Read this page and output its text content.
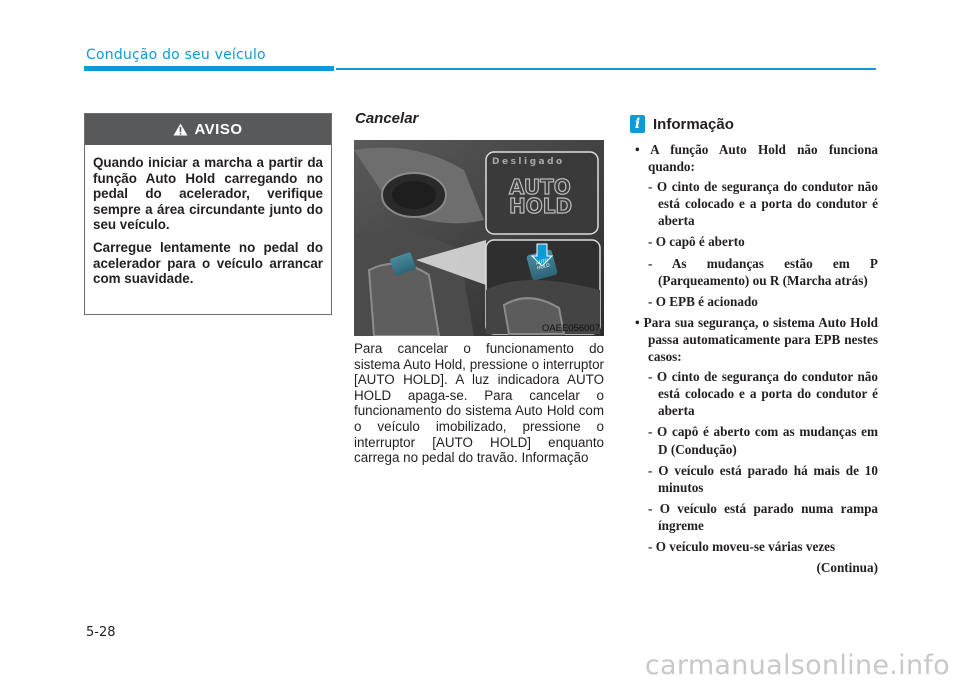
Condução do seu veículo
AVISO

Quando iniciar a marcha a partir da função Auto Hold carregando no pedal do acelerador, verifique sempre a área circundante junto do seu veículo.

Carregue lentamente no pedal do acelerador para o veículo arrancar com suavidade.

Cancelar
Desligado
AUTO
HOLD
AUTO HOLD
OAEE056007
Para cancelar o funcionamento do sistema Auto Hold, pressione o interruptor [AUTO HOLD]. A luz indicadora AUTO HOLD apaga-se. Para cancelar o funcionamento do sistema Auto Hold com o veículo imobilizado, pressione o interruptor [AUTO HOLD] enquanto carrega no pedal do travão. Informação
i Informação
• A função Auto Hold não funciona quando:
- O cinto de segurança do condutor não está colocado e a porta do condutor é aberta
- O capô é aberto
- As mudanças estão em P (Parqueamento) ou R (Marcha atrás)
- O EPB é acionado
• Para sua segurança, o sistema Auto Hold passa automaticamente para EPB nestes casos:
- O cinto de segurança do condutor não está colocado e a porta do condutor é aberta
- O capô é aberto com as mudanças em D (Condução)
- O veículo está parado há mais de 10 minutos
- O veículo está parado numa rampa íngreme
- O veículo moveu-se várias vezes
(Continua)
5-28
carmanualsonline.info
